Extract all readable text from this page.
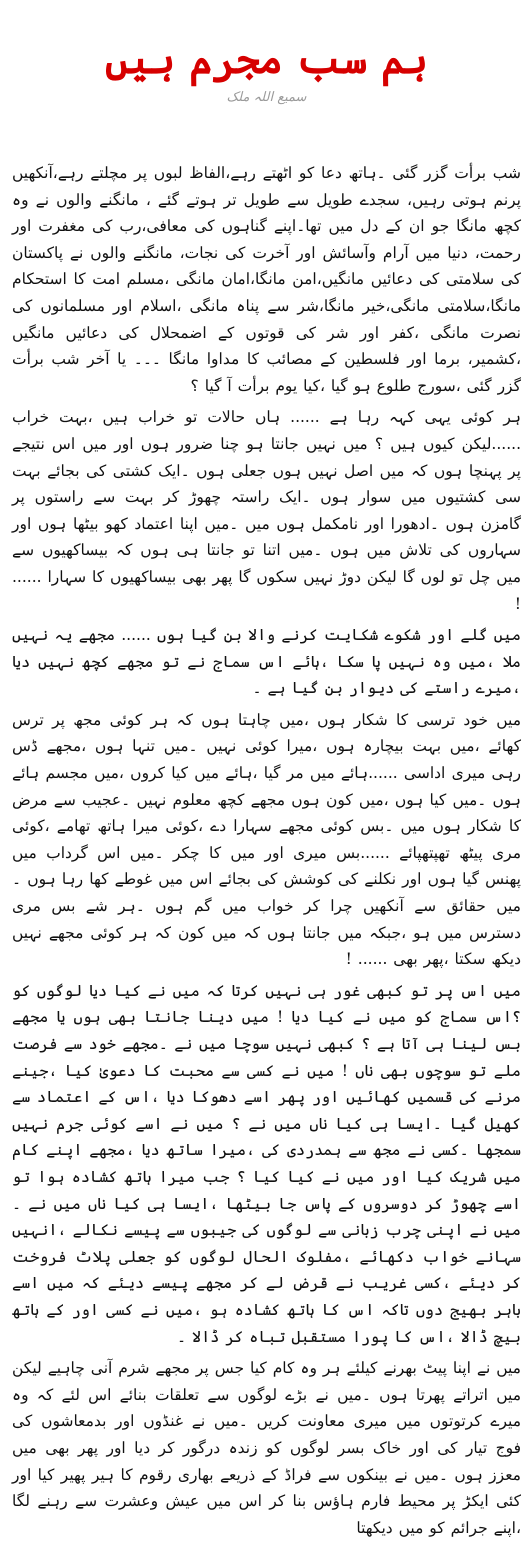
ہم سب مجرم ہیں
سمیع اللہ ملک

شب برأت گزر گئی ۔ہاتھ دعا کو اٹھتے رہے،الفاظ لبوں پر مچلتے رہے،آنکھیں پرنم ہوتی رہیں، سجدے طویل سے طویل تر ہوتے گئے ، مانگنے والوں نے وہ کچھ مانگا جو ان کے دل میں تھا۔اپنے گناہوں کی معافی،رب کی مغفرت اور رحمت، دنیا میں آرام وآسائش اور آخرت کی نجات، مانگنے والوں نے پاکستان کی سلامتی کی دعائیں مانگیں،امن مانگا،امان مانگی ،مسلم امت کا استحکام مانگا،سلامتی مانگی،خیر مانگا،شر سے پناہ مانگی ،اسلام اور مسلمانوں کی نصرت مانگی ،کفر اور شر کی قوتوں کے اضمحلال کی دعائیں مانگیں ،کشمیر، برما اور فلسطین کے مصائب کا مداوا مانگا ۔۔۔ یا آخر شب برأت گزر گئی ،سورج طلوع ہو گیا ،کیا یوم برأت آ گیا ؟

ہر کوئی یہی کہہ رہا ہے ...... ہاں حالات تو خراب ہیں ،بہت خراب ......لیکن کیوں ہیں ؟ میں نہیں جانتا ہو چنا ضرور ہوں اور میں اس نتیجے پر پہنچا ہوں کہ میں اصل نہیں ہوں جعلی ہوں ۔ایک کشتی کی بجائے بہت سی کشتیوں میں سوار ہوں ۔ایک راستہ چھوڑ کر بہت سے راستوں پر گامزن ہوں ۔ادھورا اور نامکمل ہوں میں ۔میں اپنا اعتماد کھو بیٹھا ہوں اور سہاروں کی تلاش میں ہوں ۔میں اتنا تو جانتا ہی ہوں کہ بیساکھیوں سے میں چل تو لوں گا لیکن دوڑ نہیں سکوں گا پھر بھی بیساکھیوں کا سہارا ...... !

میں گلے اور شکوے شکایت کرنے والا بن گیا ہوں ...... مجھے یہ نہیں ملا ،میں وہ نہیں پا سکا ،ہائے اس سماج نے تو مجھے کچھ نہیں دیا ،میرے راستے کی دیوار بن گیا ہے ۔

میں خود ترسی کا شکار ہوں ،میں چاہتا ہوں کہ ہر کوئی مجھ پر ترس کھائے ،میں بہت بیچارہ ہوں ،میرا کوئی نہیں ۔میں تنہا ہوں ،مجھے ڈس رہی میری اداسی ......ہائے میں مر گیا ،ہائے میں کیا کروں ،میں مجسم ہائے ہوں ۔میں کیا ہوں ،میں کون ہوں مجھے کچھ معلوم نہیں ۔عجیب سے مرض کا شکار ہوں میں ۔بس کوئی مجھے سہارا دے ،کوئی میرا ہاتھ تھامے ،کوئی مری پیٹھ تھپتھپائے ......بس میری اور میں کا چکر ۔میں اس گرداب میں پھنس گیا ہوں اور نکلنے کی کوشش کی بجائے اس میں غوطے کھا رہا ہوں ۔میں حقائق سے آنکھیں چرا کر خواب میں گم ہوں ۔ہر شے بس مری دسترس میں ہو ،جبکہ میں جانتا ہوں کہ میں کون کہ ہر کوئی مجھے نہیں دیکھ سکتا ،پھر بھی ...... !

میں اس پر تو کبھی غور ہی نہیں کرتا کہ میں نے کیا دیا لوگوں کو ؟اس سماج کو میں نے کیا دیا ! میں دینا جانتا بھی ہوں یا مجھے بس لینا ہی آتا ہے ؟ کبھی نہیں سوچا میں نے ۔مجھے خود سے فرصت ملے تو سوچوں بھی ناں ! میں نے کسی سے محبت کا دعویٰ کیا ،جینے مرنے کی قسمیں کھائیں اور پھر اسے دھوکا دیا ،اس کے اعتماد سے کھیل گیا ۔ایسا ہی کیا ناں میں نے ؟ میں نے اسے کوئی جرم نہیں سمجھا ۔کسی نے مجھ سے ہمدردی کی ،میرا ساتھ دیا ،مجھے اپنے کام میں شریک کیا اور میں نے کیا کیا ؟ جب میرا ہاتھ کشادہ ہوا تو اسے چھوڑ کر دوسروں کے پاس جا بیٹھا ،ایسا ہی کیا ناں میں نے ۔میں نے اپنی چرب زبانی سے لوگوں کی جیبوں سے پیسے نکالے ،انہیں سہانے خواب دکھائے ،مفلوک الحال لوگوں کو جعلی پلاٹ فروخت کر دیئے ،کسی غریب نے قرض لے کر مجھے پیسے دیئے کہ میں اسے باہر بھیج دوں تاکہ اس کا ہاتھ کشادہ ہو ،میں نے کسی اور کے ہاتھ بیچ ڈالا ،اس کا پورا مستقبل تباہ کر ڈالا ۔

میں نے اپنا پیٹ بھرنے کیلئے ہر وہ کام کیا جس پر مجھے شرم آنی چاہیے لیکن میں اتراتے پھرتا ہوں ۔میں نے بڑے لوگوں سے تعلقات بنائے اس لئے کہ وہ میرے کرتوتوں میں میری معاونت کریں ۔میں نے غنڈوں اور بدمعاشوں کی فوج تیار کی اور خاک بسر لوگوں کو زندہ درگور کر دیا اور پھر بھی میں معزز ہوں ۔میں نے بینکوں سے فراڈ کے ذریعے بھاری رقوم کا ہیر پھیر کیا اور کئی ایکڑ پر محیط فارم ہاؤس بنا کر اس میں عیش وعشرت سے رہنے لگا ،اپنے جرائم کو میں دیکھتا
